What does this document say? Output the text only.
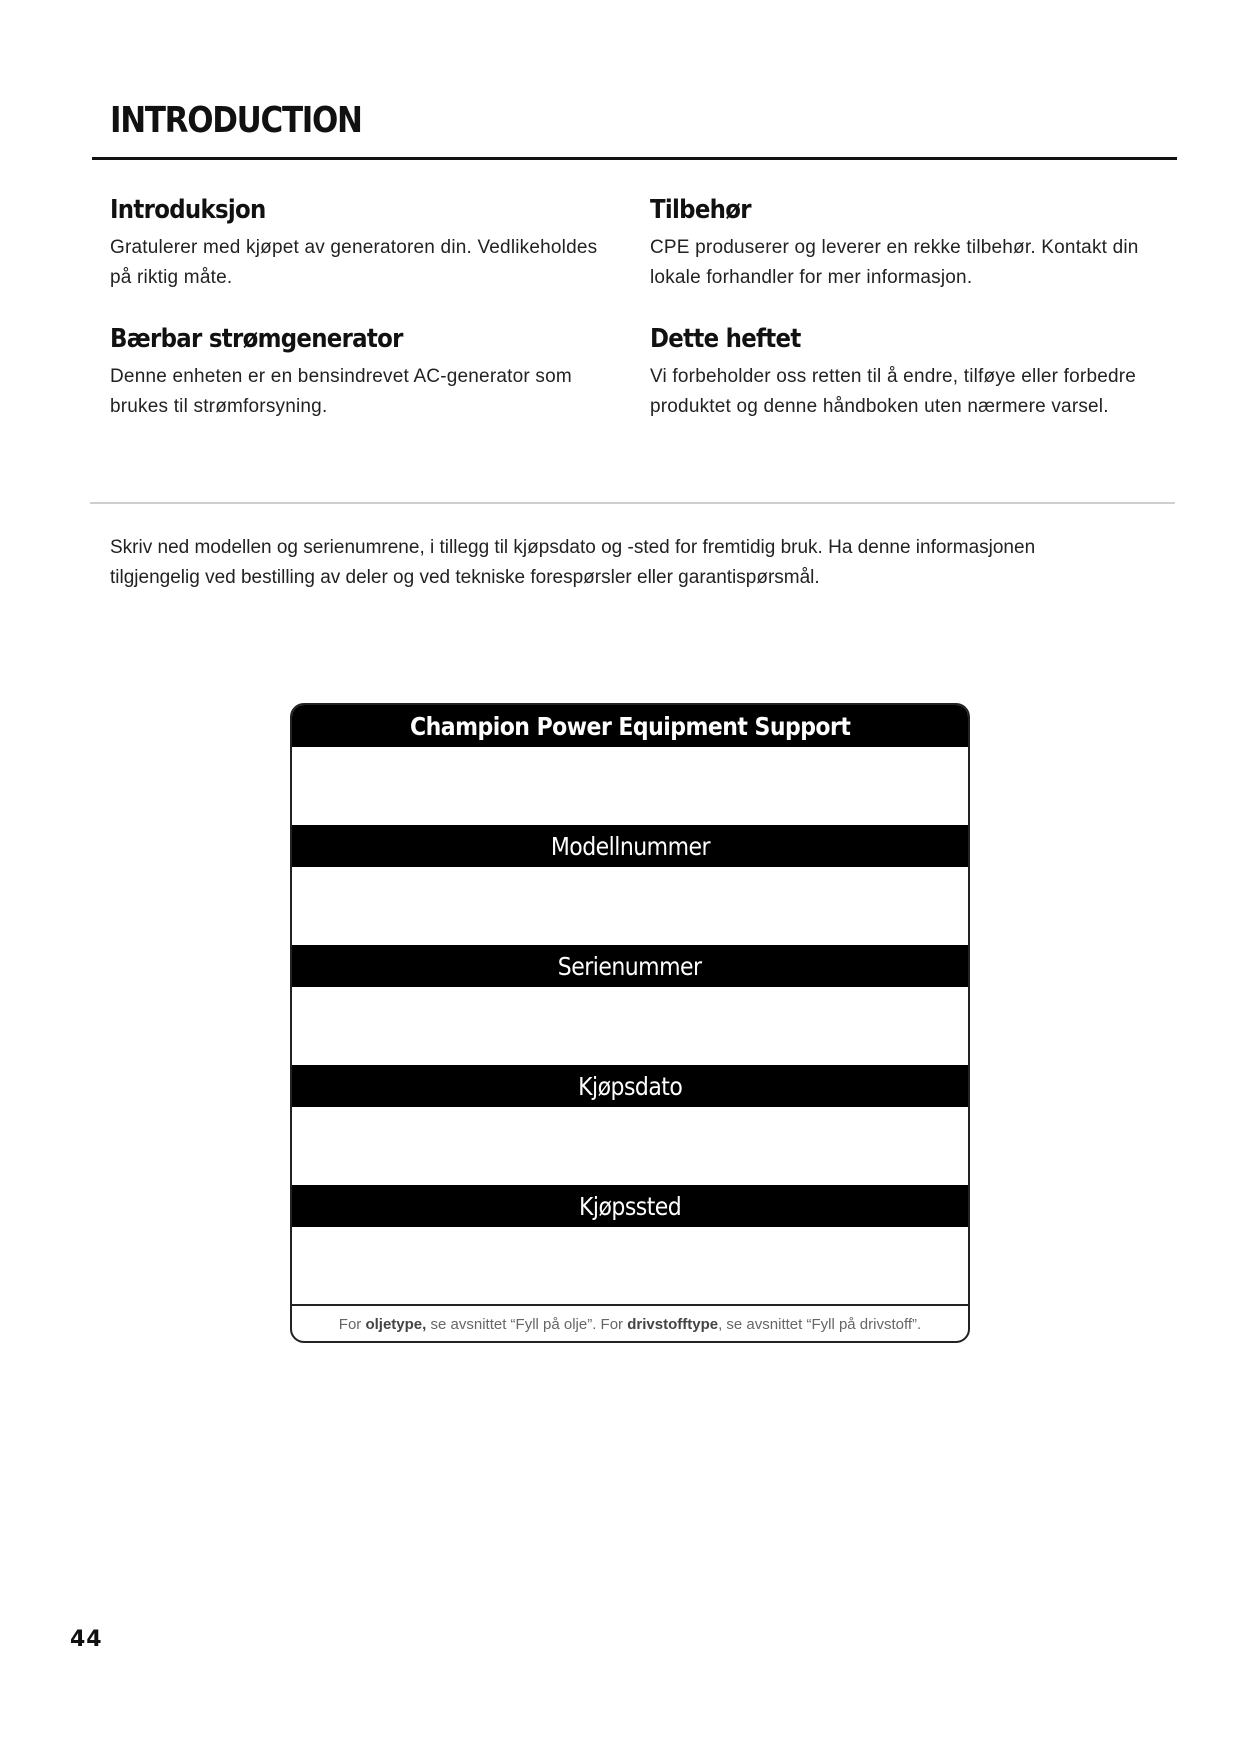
INTRODUCTION
Introduksjon

Gratulerer med kjøpet av generatoren din. Vedlikeholdes
på riktig måte.

Tilbehør

CPE produserer og leverer en rekke tilbehør. Kontakt din
lokale forhandler for mer informasjon.

Bærbar strømgenerator

Denne enheten er en bensindrevet AC-generator som
brukes til strømforsyning.

Dette heftet

Vi forbeholder oss retten til å endre, tilføye eller forbedre
produktet og denne håndboken uten nærmere varsel.

Skriv ned modellen og serienumrene, i tillegg til kjøpsdato og -sted for fremtidig bruk. Ha denne informasjonen
tilgjengelig ved bestilling av deler og ved tekniske forespørsler eller garantispørsmål.

Champion Power Equipment Support
Modellnummer
Serienummer
Kjøpsdato
Kjøpssted
For oljetype, se avsnittet “Fyll på olje”. For drivstofftype, se avsnittet “Fyll på drivstoff”.
44
